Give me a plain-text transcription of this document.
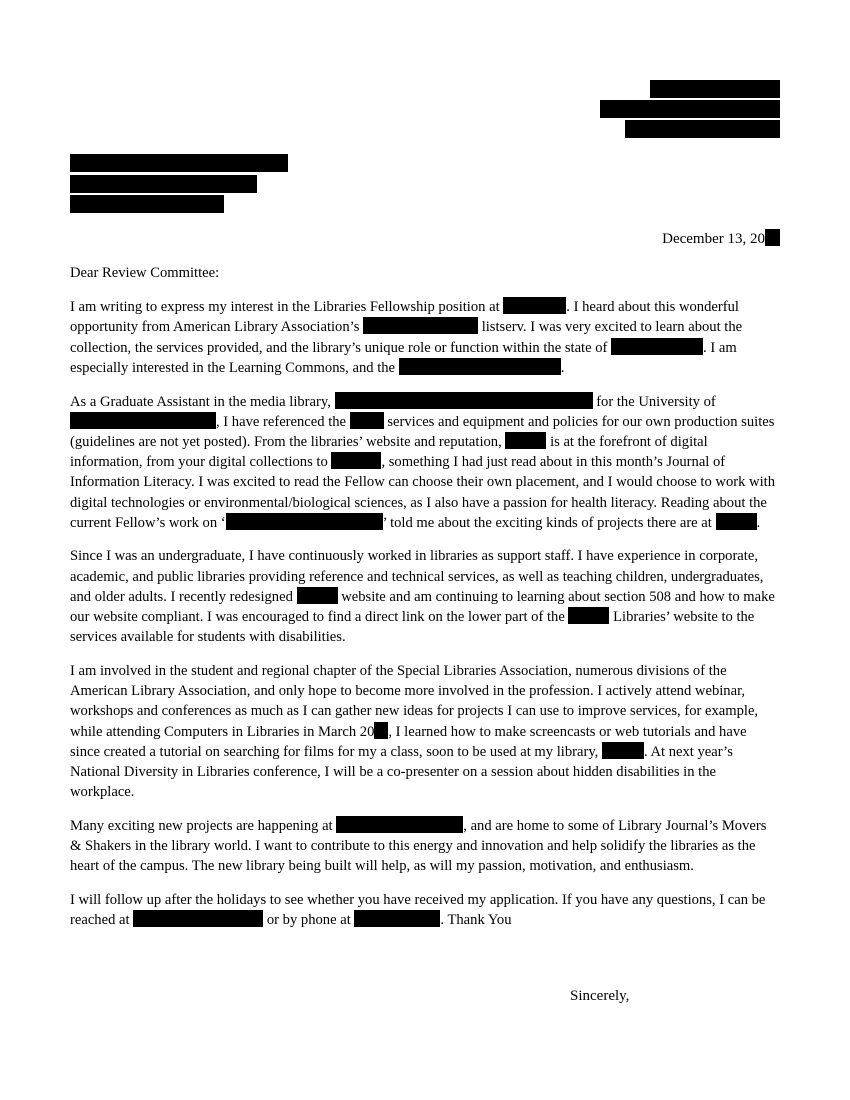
December 13, 20

Dear Review Committee:

I am writing to express my interest in the Libraries Fellowship position at	. I heard about this wonderful opportunity from American Library Association’s	listserv. I was very excited to learn about the collection, the services provided, and the library’s unique role or function within the state of	. I am especially interested in the Learning Commons, and the	.

As a Graduate Assistant in the media library,	for the University of , I have referenced the	services and equipment and policies for our own production suites (guidelines are not yet posted). From the libraries’ website and reputation,	is at the forefront of digital information, from your digital collections to	, something I had just read about in this month’s Journal of Information Literacy. I was excited to read the Fellow can choose their own placement, and I would choose to work with digital technologies or environmental/biological sciences, as I also have a passion for health literacy. Reading about the current Fellow’s work on ‘	’ told me about the exciting kinds of projects there are at	.

Since I was an undergraduate, I have continuously worked in libraries as support staff. I have experience in corporate, academic, and public libraries providing reference and technical services, as well as teaching children, undergraduates, and older adults. I recently redesigned	website and am continuing to learning about section 508 and how to make our website compliant. I was encouraged to find a direct link on the lower part of the	Libraries’ website to the services available for students with disabilities.

I am involved in the student and regional chapter of the Special Libraries Association, numerous divisions of the American Library Association, and only hope to become more involved in the profession. I actively attend webinar, workshops and conferences as much as I can gather new ideas for projects I can use to improve services, for example, while attending Computers in Libraries in March 20 , I learned how to make screencasts or web tutorials and have since created a tutorial on searching for films for my a class, soon to be used at my library,	. At next year’s National Diversity in Libraries conference, I will be a co-presenter on a session about hidden disabilities in the workplace.

Many exciting new projects are happening at	, and are home to some of Library Journal’s Movers & Shakers in the library world. I want to contribute to this energy and innovation and help solidify the libraries as the heart of the campus. The new library being built will help, as will my passion, motivation, and enthusiasm.

I will follow up after the holidays to see whether you have received my application. If you have any questions, I can be reached at	or by phone at	. Thank You

Sincerely,
